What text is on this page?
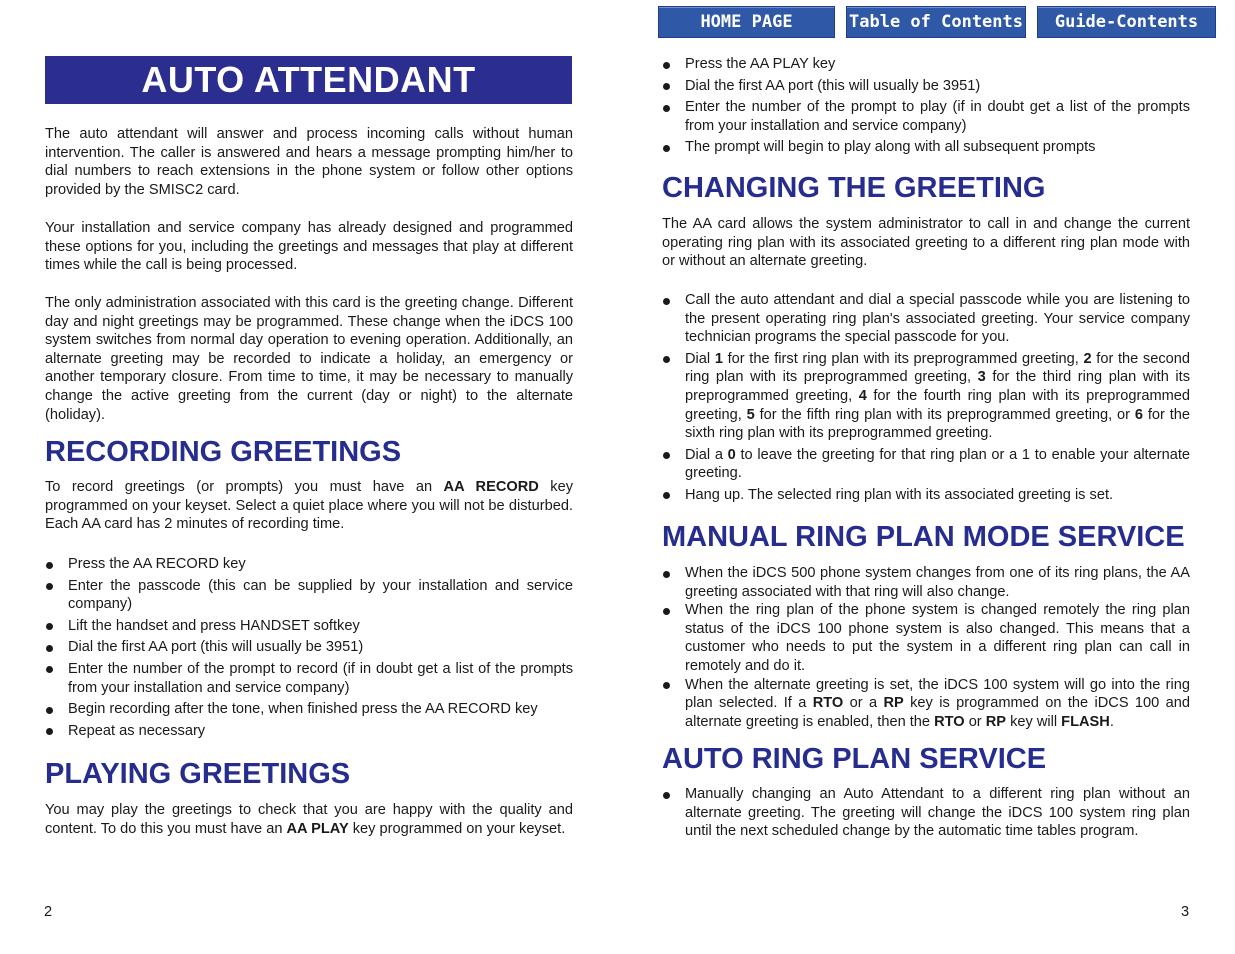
HOME PAGE	Table of Contents	Guide-Contents
AUTO ATTENDANT

The auto attendant will answer and process incoming calls without human intervention. The caller is answered and hears a message prompting him/her to dial numbers to reach extensions in the phone system or follow other options provided by the SMISC2 card.

Your installation and service company has already designed and programmed these options for you, including the greetings and messages that play at different times while the call is being processed.

The only administration associated with this card is the greeting change. Different day and night greetings may be programmed. These change when the iDCS 100 system switches from normal day operation to evening operation. Additionally, an alternate greeting may be recorded to indicate a holiday, an emergency or another temporary closure. From time to time, it may be necessary to manually change the active greeting from the current (day or night) to the alternate (holiday).

RECORDING GREETINGS

To record greetings (or prompts) you must have an AA RECORD key programmed on your keyset. Select a quiet place where you will not be disturbed. Each AA card has 2 minutes of recording time.

Press the AA RECORD key
Enter the passcode (this can be supplied by your installation and service company)
Lift the handset and press HANDSET softkey
Dial the first AA port (this will usually be 3951)
Enter the number of the prompt to record (if in doubt get a list of the prompts from your installation and service company)
Begin recording after the tone, when finished press the AA RECORD key
Repeat as necessary
PLAYING GREETINGS

You may play the greetings to check that you are happy with the quality and content. To do this you must have an AA PLAY key programmed on your keyset.

2
Press the AA PLAY key
Dial the first AA port (this will usually be 3951)
Enter the number of the prompt to play (if in doubt get a list of the prompts from your installation and service company)
The prompt will begin to play along with all subsequent prompts
CHANGING THE GREETING

The AA card allows the system administrator to call in and change the current operating ring plan with its associated greeting to a different ring plan mode with or without an alternate greeting.

Call the auto attendant and dial a special passcode while you are listening to the present operating ring plan's associated greeting. Your service company technician programs the special passcode for you.
Dial 1 for the first ring plan with its preprogrammed greeting, 2 for the second ring plan with its preprogrammed greeting, 3 for the third ring plan with its preprogrammed greeting, 4 for the fourth ring plan with its preprogrammed greeting, 5 for the fifth ring plan with its preprogrammed greeting, or 6 for the sixth ring plan with its preprogrammed greeting.
Dial a 0 to leave the greeting for that ring plan or a 1 to enable your alternate greeting.
Hang up. The selected ring plan with its associated greeting is set.
MANUAL RING PLAN MODE SERVICE
When the iDCS 500 phone system changes from one of its ring plans, the AA greeting associated with that ring will also change.
When the ring plan of the phone system is changed remotely the ring plan status of the iDCS 100 phone system is also changed. This means that a customer who needs to put the system in a different ring plan can call in remotely and do it.
When the alternate greeting is set, the iDCS 100 system will go into the ring plan selected. If a RTO or a RP key is programmed on the iDCS 100 and alternate greeting is enabled, then the RTO or RP key will FLASH.
AUTO RING PLAN SERVICE
Manually changing an Auto Attendant to a different ring plan without an alternate greeting. The greeting will change the iDCS 100 system ring plan until the next scheduled change by the automatic time tables program.
3
